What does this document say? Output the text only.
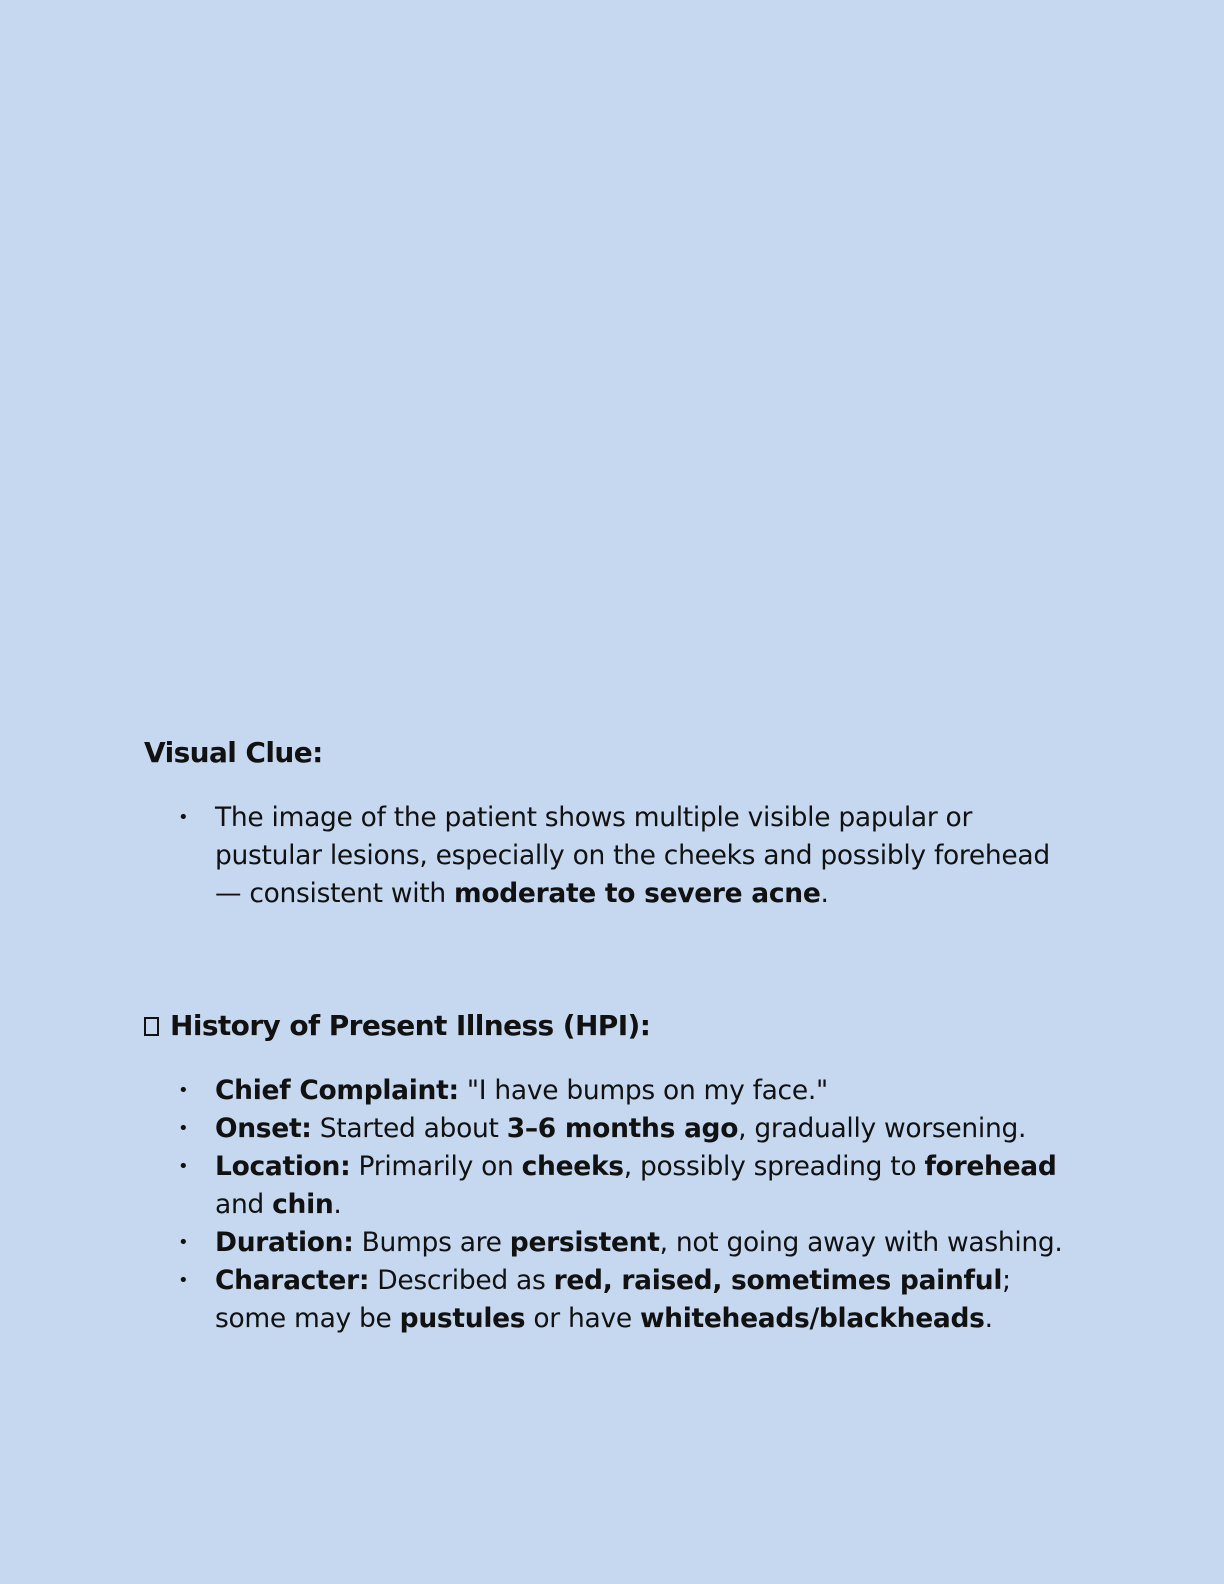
Visual Clue:
• The image of the patient shows multiple visible papular or pustular lesions, especially on the cheeks and possibly forehead — consistent with moderate to severe acne.
History of Present Illness (HPI):
• Chief Complaint: "I have bumps on my face."
• Onset: Started about 3–6 months ago, gradually worsening.
• Location: Primarily on cheeks, possibly spreading to forehead and chin.
• Duration: Bumps are persistent, not going away with washing.
• Character: Described as red, raised, sometimes painful; some may be pustules or have whiteheads/blackheads.
